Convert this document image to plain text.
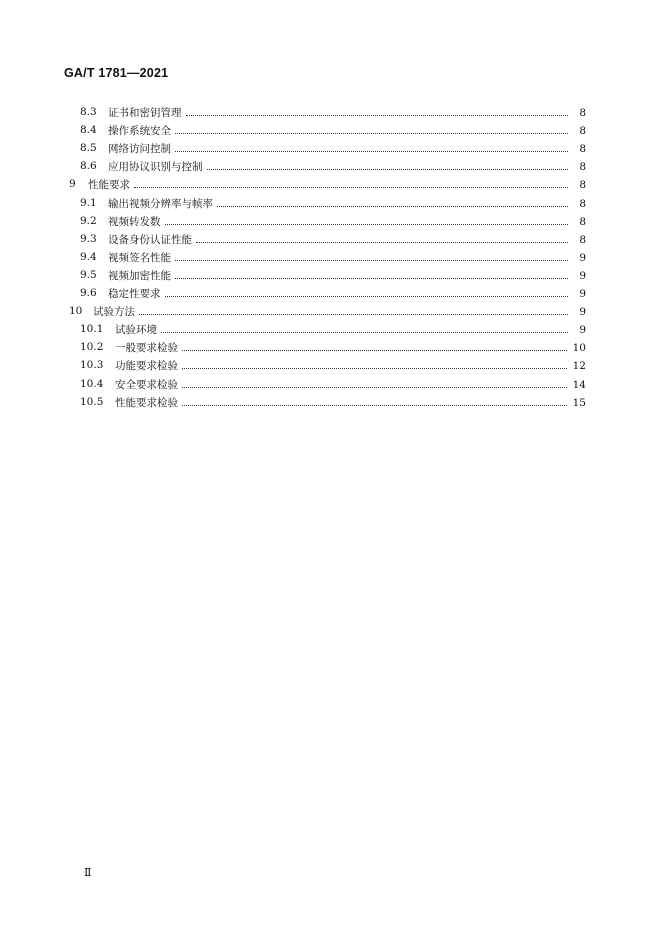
GA/T 1781—2021
8.3 证书和密钥管理	8
8.4 操作系统安全	8
8.5 网络访问控制	8
8.6 应用协议识别与控制	8
9 性能要求	8
9.1 输出视频分辨率与帧率	8
9.2 视频转发数	8
9.3 设备身份认证性能	8
9.4 视频签名性能	9
9.5 视频加密性能	9
9.6 稳定性要求	9
10 试验方法	9
10.1 试验环境	9
10.2 一般要求检验	10
10.3 功能要求检验	12
10.4 安全要求检验	14
10.5 性能要求检验	15
Ⅱ
